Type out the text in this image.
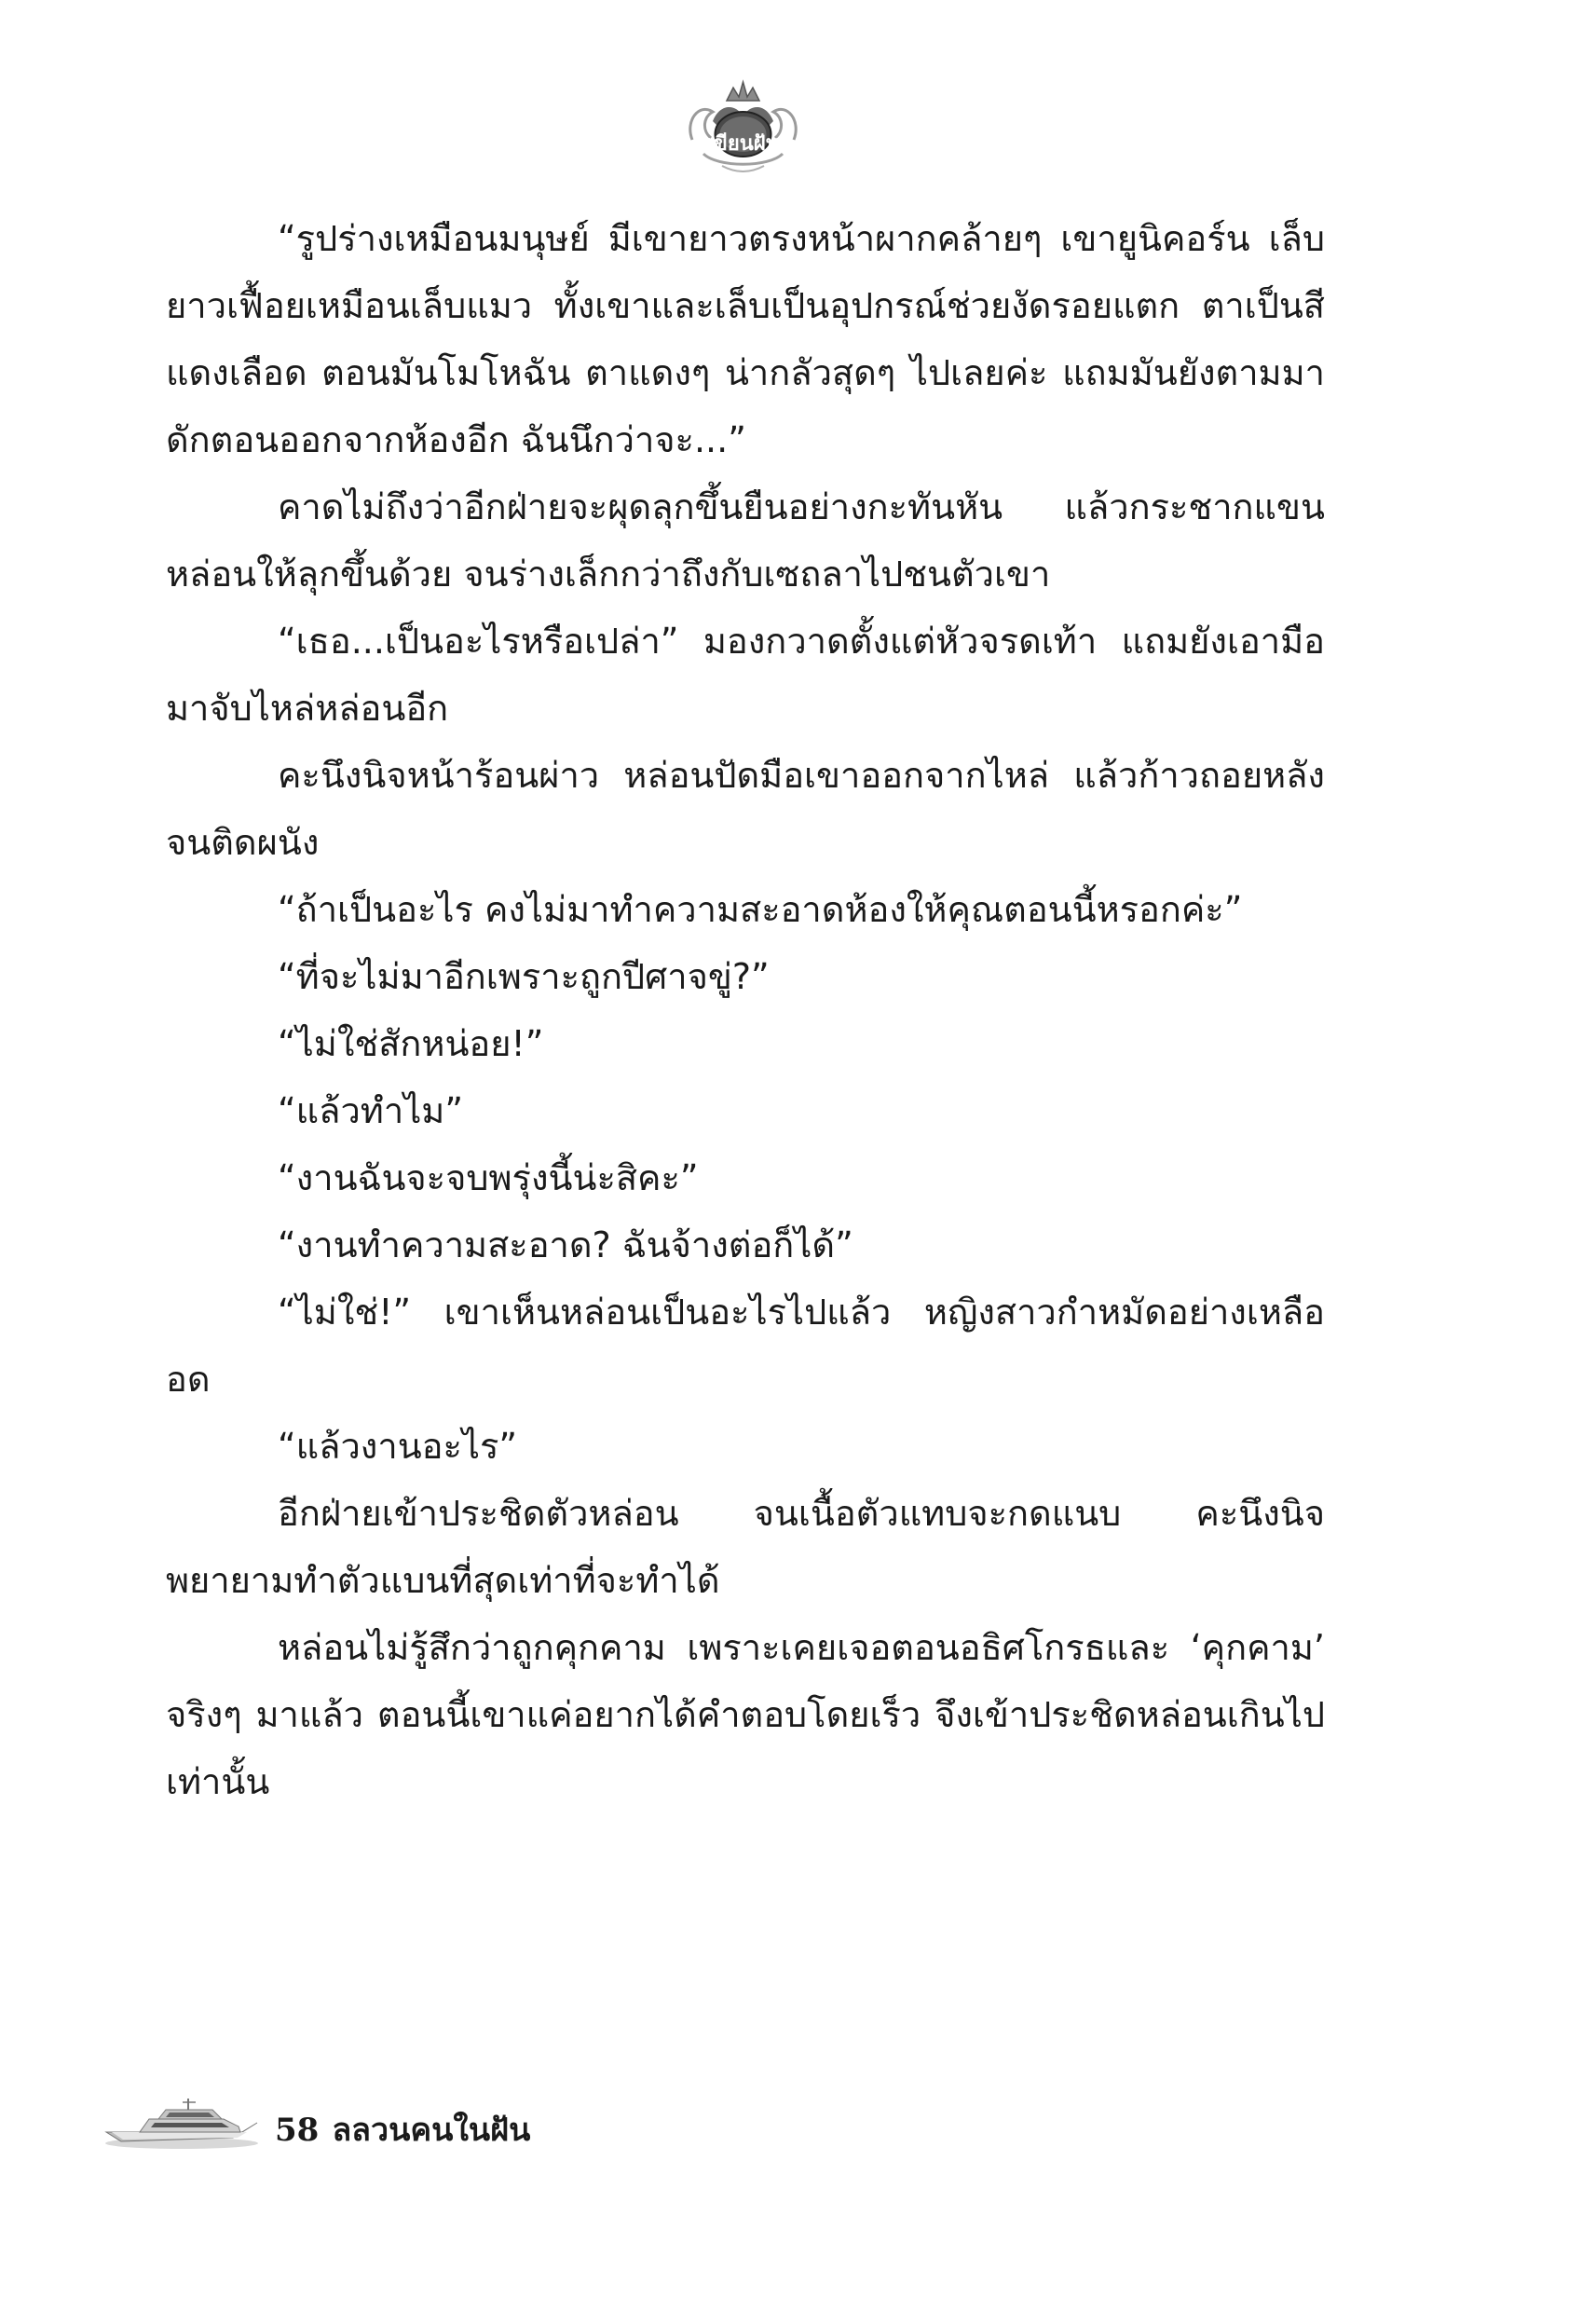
เขียนฝัน

“รูปร่างเหมือนมนุษย์ มีเขายาวตรงหน้าผากคล้ายๆ เขายูนิคอร์น เล็บยาวเฟื้อยเหมือนเล็บแมว ทั้งเขาและเล็บเป็นอุปกรณ์ช่วยงัดรอยแตก ตาเป็นสีแดงเลือด ตอนมันโมโหฉัน ตาแดงๆ น่ากลัวสุดๆ ไปเลยค่ะ แถมมันยังตามมาดักตอนออกจากห้องอีก ฉันนึกว่าจะ...”

คาดไม่ถึงว่าอีกฝ่ายจะผุดลุกขึ้นยืนอย่างกะทันหัน แล้วกระชากแขนหล่อนให้ลุกขึ้นด้วย จนร่างเล็กกว่าถึงกับเซถลาไปชนตัวเขา

“เธอ...เป็นอะไรหรือเปล่า” มองกวาดตั้งแต่หัวจรดเท้า แถมยังเอามือมาจับไหล่หล่อนอีก

คะนึงนิจหน้าร้อนผ่าว หล่อนปัดมือเขาออกจากไหล่ แล้วก้าวถอยหลังจนติดผนัง

“ถ้าเป็นอะไร คงไม่มาทำความสะอาดห้องให้คุณตอนนี้หรอกค่ะ”

“ที่จะไม่มาอีกเพราะถูกปีศาจขู่?”

“ไม่ใช่สักหน่อย!”

“แล้วทำไม”

“งานฉันจะจบพรุ่งนี้น่ะสิคะ”

“งานทำความสะอาด? ฉันจ้างต่อก็ได้”

“ไม่ใช่!” เขาเห็นหล่อนเป็นอะไรไปแล้ว หญิงสาวกำหมัดอย่างเหลืออด

“แล้วงานอะไร”

อีกฝ่ายเข้าประชิดตัวหล่อน จนเนื้อตัวแทบจะกดแนบ คะนึงนิจพยายามทำตัวแบนที่สุดเท่าที่จะทำได้

หล่อนไม่รู้สึกว่าถูกคุกคาม เพราะเคยเจอตอนอธิศโกรธและ ‘คุกคาม’ จริงๆ มาแล้ว ตอนนี้เขาแค่อยากได้คำตอบโดยเร็ว จึงเข้าประชิดหล่อนเกินไปเท่านั้น

58 ลลวนคนในฝัน
